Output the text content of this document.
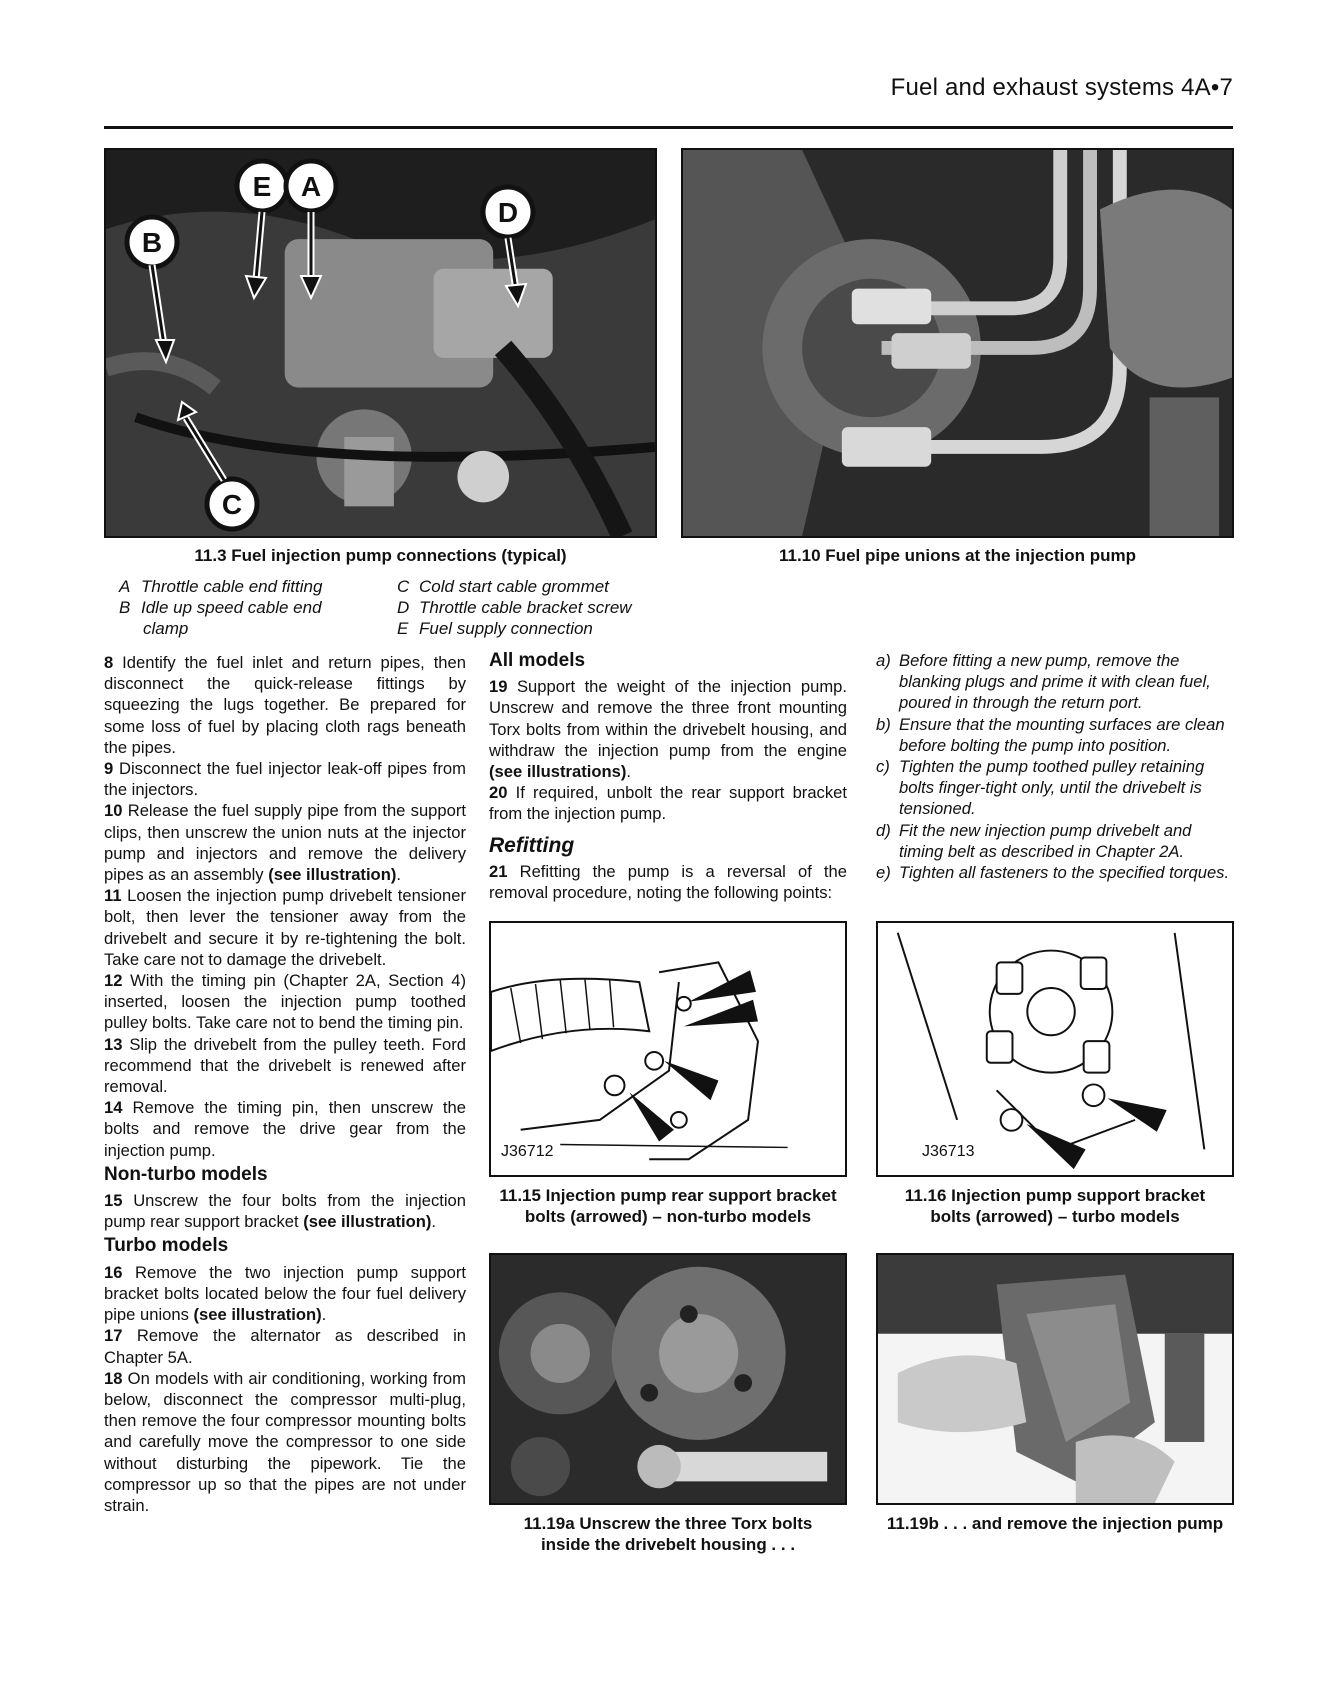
Fuel and exhaust systems 4A•7
E A
D
B
C
11.3 Fuel injection pump connections (typical)
A Throttle cable end fitting
B Idle up speed cable end
clamp
C Cold start cable grommet
D Throttle cable bracket screw
E Fuel supply connection
11.10 Fuel pipe unions at the injection pump

8 Identify the fuel inlet and return pipes, then disconnect the quick-release fittings by squeezing the lugs together. Be prepared for some loss of fuel by placing cloth rags beneath the pipes.

9 Disconnect the fuel injector leak-off pipes from the injectors.

10 Release the fuel supply pipe from the support clips, then unscrew the union nuts at the injector pump and injectors and remove the delivery pipes as an assembly (see illustration).

11 Loosen the injection pump drivebelt tensioner bolt, then lever the tensioner away from the drivebelt and secure it by re-tightening the bolt. Take care not to damage the drivebelt.

12 With the timing pin (Chapter 2A, Section 4) inserted, loosen the injection pump toothed pulley bolts. Take care not to bend the timing pin.

13 Slip the drivebelt from the pulley teeth. Ford recommend that the drivebelt is renewed after removal.

14 Remove the timing pin, then unscrew the bolts and remove the drive gear from the injection pump.

Non-turbo models

15 Unscrew the four bolts from the injection pump rear support bracket (see illustration).

Turbo models

16 Remove the two injection pump support bracket bolts located below the four fuel delivery pipe unions (see illustration).

17 Remove the alternator as described in Chapter 5A.

18 On models with air conditioning, working from below, disconnect the compressor multi-plug, then remove the four compressor mounting bolts and carefully move the compressor to one side without disturbing the pipework. Tie the compressor up so that the pipes are not under strain.

All models

19 Support the weight of the injection pump. Unscrew and remove the three front mounting Torx bolts from within the drivebelt housing, and withdraw the injection pump from the engine (see illustrations).

20 If required, unbolt the rear support bracket from the injection pump.

Refitting

21 Refitting the pump is a reversal of the removal procedure, noting the following points:

a) Before fitting a new pump, remove the blanking plugs and prime it with clean fuel, poured in through the return port.
b) Ensure that the mounting surfaces are clean before bolting the pump into position.
c) Tighten the pump toothed pulley retaining bolts finger-tight only, until the drivebelt is tensioned.
d) Fit the new injection pump drivebelt and timing belt as described in Chapter 2A.
e) Tighten all fasteners to the specified torques.
J36712
11.15 Injection pump rear support bracket
bolts (arrowed) – non-turbo models
J36713
11.16 Injection pump support bracket
bolts (arrowed) – turbo models
11.19a Unscrew the three Torx bolts
inside the drivebelt housing . . .
11.19b . . . and remove the injection pump
